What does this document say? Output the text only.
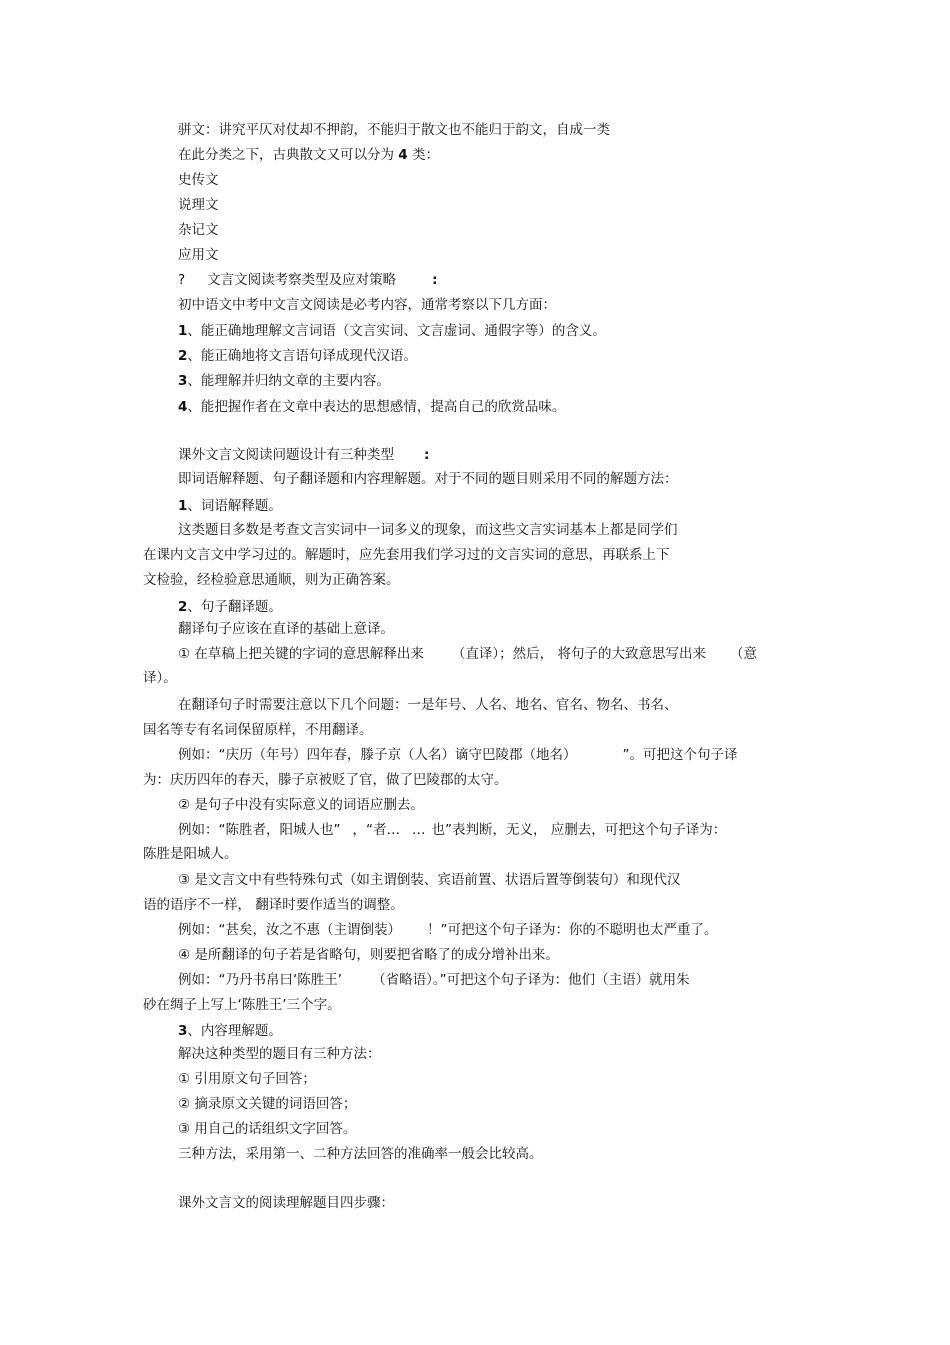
骈文：讲究平仄对仗却不押韵，不能归于散文也不能归于韵文，自成一类
在此分类之下，古典散文又可以分为 4 类：
史传文
说理文
杂记文
应用文
? 文言文阅读考察类型及应对策略	:
初中语文中考中文言文阅读是必考内容，通常考察以下几方面：
1、能正确地理解文言词语（文言实词、文言虚词、通假字等）的含义。
2、能正确地将文言语句译成现代汉语。
3、能理解并归纳文章的主要内容。
4、能把握作者在文章中表达的思想感情，提高自己的欣赏品味。
课外文言文阅读问题设计有三种类型 :
即词语解释题、句子翻译题和内容理解题。对于不同的题目则采用不同的解题方法：
1、词语解释题。
这类题目多数是考查文言实词中一词多义的现象，而这些文言实词基本上都是同学们
在课内文言文中学习过的。解题时，应先套用我们学习过的文言实词的意思，再联系上下
文检验，经检验意思通顺，则为正确答案。
2、句子翻译题。
翻译句子应该在直译的基础上意译。
① 在草稿上把关键的字词的意思解释出来 （直译）；然后， 将句子的大致意思写出来 （意
译）。
在翻译句子时需要注意以下几个问题：一是年号、人名、地名、官名、物名、书名、
国名等专有名词保留原样，不用翻译。
例如：“庆历（年号）四年春，滕子京（人名）谪守巴陵郡（地名）	”。可把这个句子译
为：庆历四年的春天，滕子京被贬了官，做了巴陵郡的太守。
② 是句子中没有实际意义的词语应删去。
例如：“陈胜者，阳城人也” ，“者… … 也”表判断，无义， 应删去，可把这个句子译为：
陈胜是阳城人。
③ 是文言文中有些特殊句式（如主谓倒装、宾语前置、状语后置等倒装句）和现代汉
语的语序不一样， 翻译时要作适当的调整。
例如：“甚矣，汝之不惠（主谓倒装） ！”可把这个句子译为：你的不聪明也太严重了。
④ 是所翻译的句子若是省略句，则要把省略了的成分增补出来。
例如：“乃丹书帛曰‘陈胜王’ （省略语）。”可把这个句子译为：他们（主语）就用朱
砂在绸子上写上‘陈胜王’三个字。
3、内容理解题。
解决这种类型的题目有三种方法：
① 引用原文句子回答；
② 摘录原文关键的词语回答；
③ 用自己的话组织文字回答。
三种方法，采用第一、二种方法回答的准确率一般会比较高。
课外文言文的阅读理解题目四步骤：
